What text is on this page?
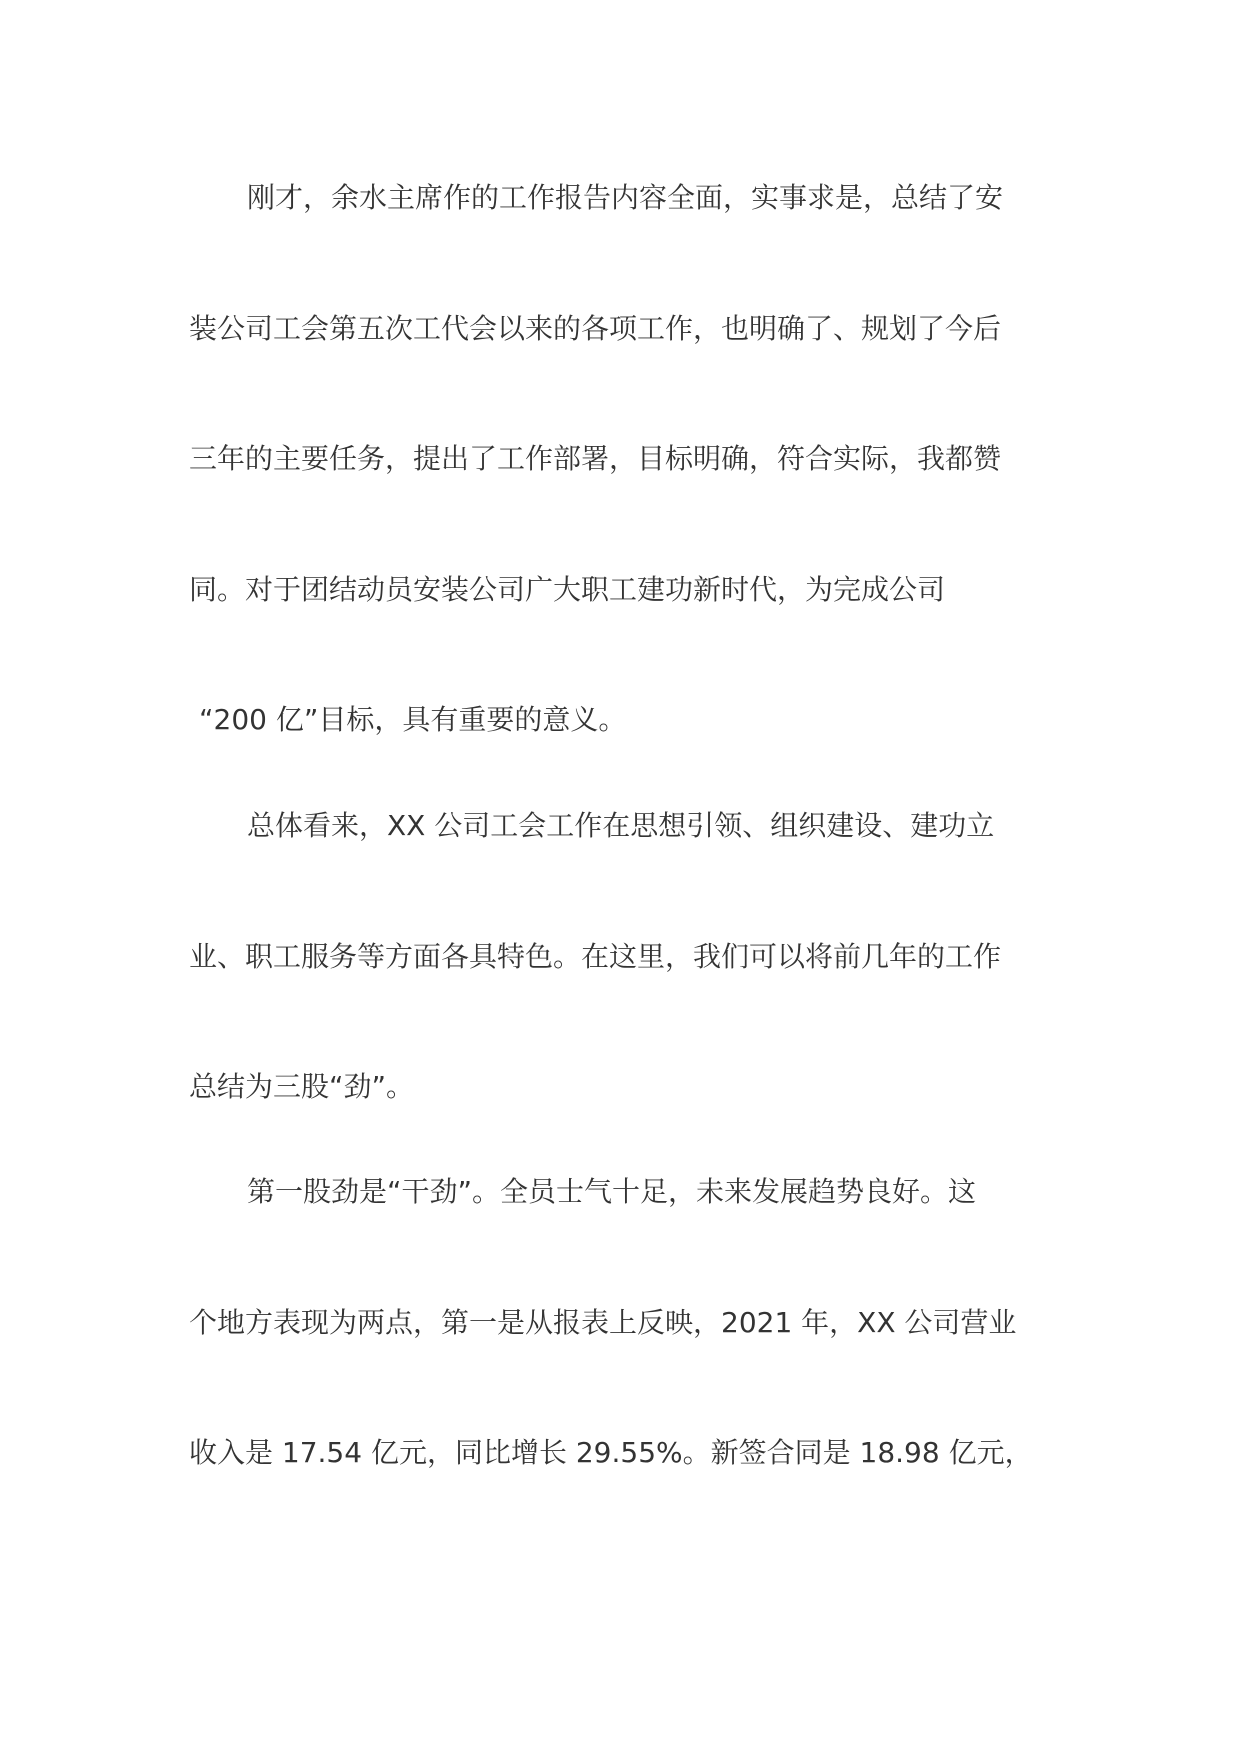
刚才，余水主席作的工作报告内容全面，实事求是，总结了安
装公司工会第五次工代会以来的各项工作，也明确了、规划了今后
三年的主要任务，提出了工作部署，目标明确，符合实际，我都赞
同。对于团结动员安装公司广大职工建功新时代，为完成公司
“200 亿”目标，具有重要的意义。
总体看来，XX 公司工会工作在思想引领、组织建设、建功立
业、职工服务等方面各具特色。在这里，我们可以将前几年的工作
总结为三股“劲”。
第一股劲是“干劲”。全员士气十足，未来发展趋势良好。这
个地方表现为两点，第一是从报表上反映，2021 年，XX 公司营业
收入是 17.54 亿元，同比增长 29.55%。新签合同是 18.98 亿元，
